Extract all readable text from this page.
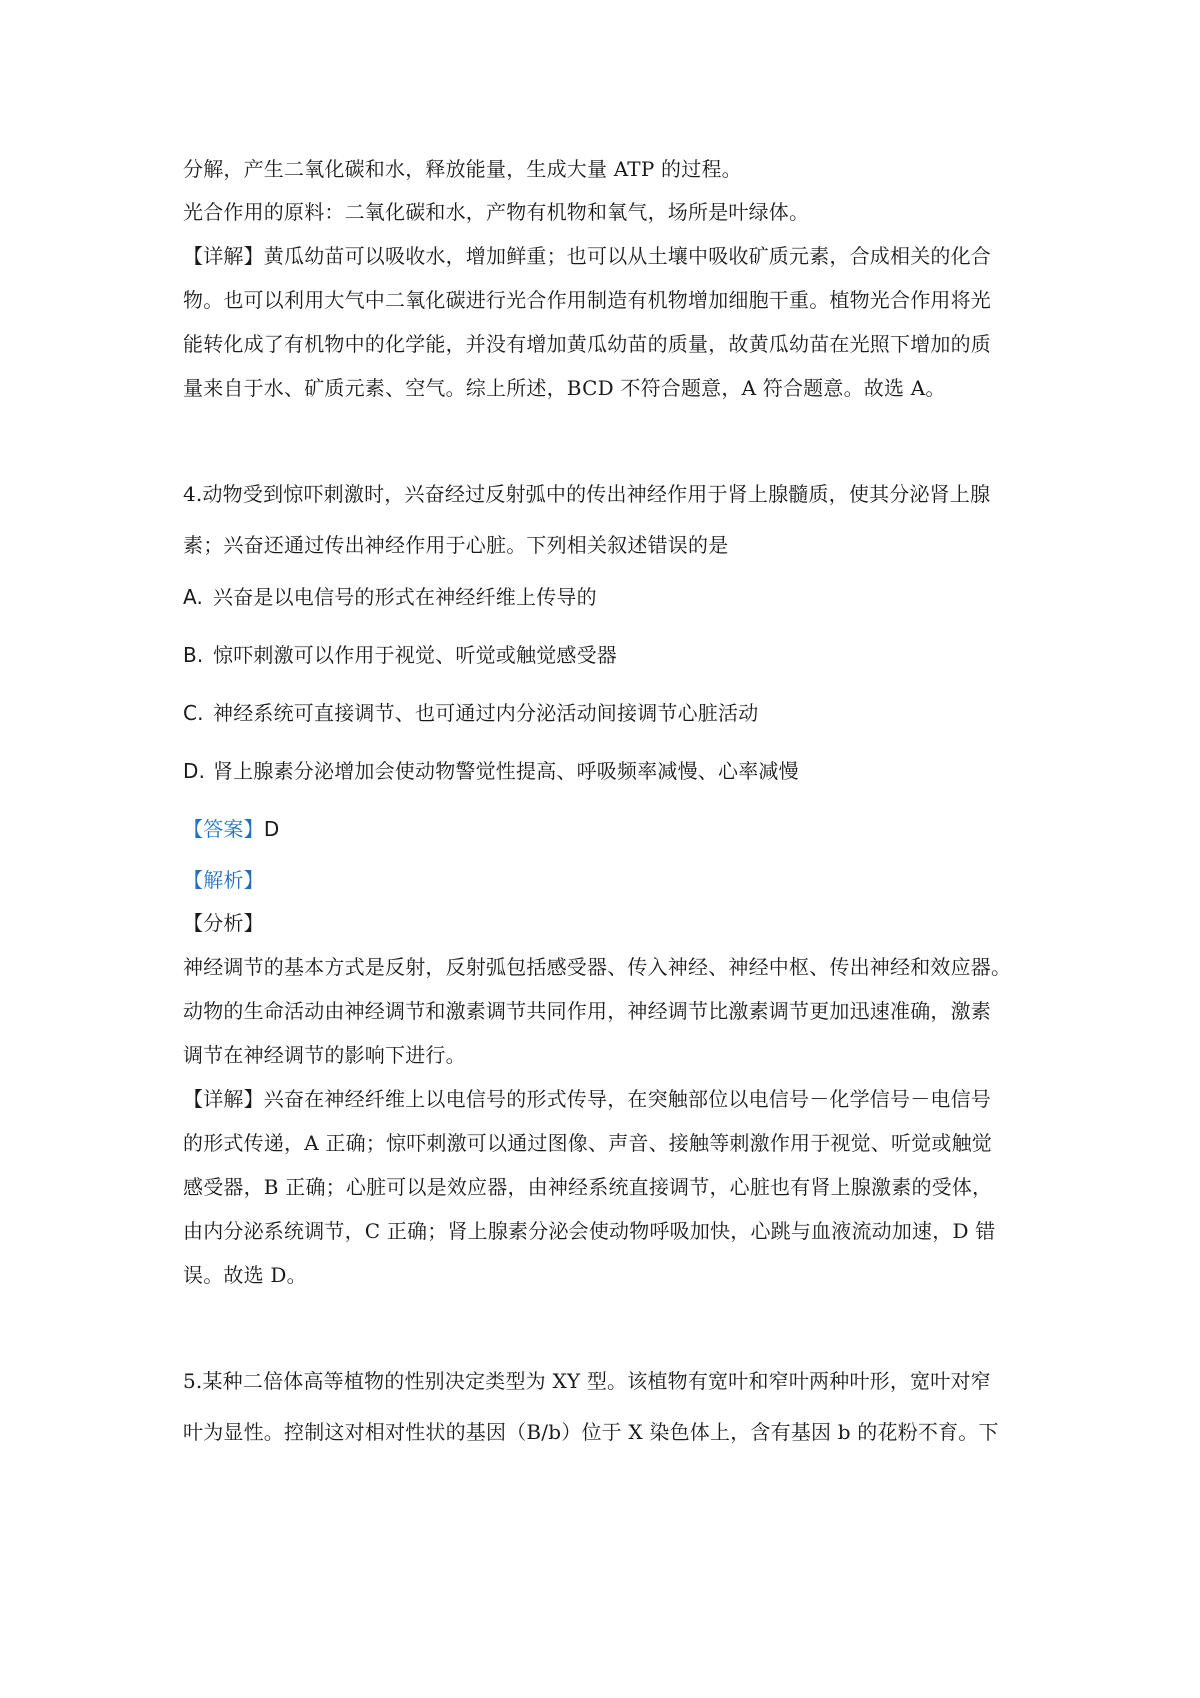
分解，产生二氧化碳和水，释放能量，生成大量 ATP 的过程。
光合作用的原料：二氧化碳和水，产物有机物和氧气，场所是叶绿体。
【详解】黄瓜幼苗可以吸收水，增加鲜重；也可以从土壤中吸收矿质元素，合成相关的化合
物。也可以利用大气中二氧化碳进行光合作用制造有机物增加细胞干重。植物光合作用将光
能转化成了有机物中的化学能，并没有增加黄瓜幼苗的质量，故黄瓜幼苗在光照下增加的质
量来自于水、矿质元素、空气。综上所述，BCD 不符合题意，A 符合题意。故选 A。
4.动物受到惊吓刺激时，兴奋经过反射弧中的传出神经作用于肾上腺髓质，使其分泌肾上腺
素；兴奋还通过传出神经作用于心脏。下列相关叙述错误的是
A. 兴奋是以电信号的形式在神经纤维上传导的
B. 惊吓刺激可以作用于视觉、听觉或触觉感受器
C. 神经系统可直接调节、也可通过内分泌活动间接调节心脏活动
D. 肾上腺素分泌增加会使动物警觉性提高、呼吸频率减慢、心率减慢
【答案】D
【解析】
【分析】
神经调节的基本方式是反射，反射弧包括感受器、传入神经、神经中枢、传出神经和效应器。
动物的生命活动由神经调节和激素调节共同作用，神经调节比激素调节更加迅速准确，激素
调节在神经调节的影响下进行。
【详解】兴奋在神经纤维上以电信号的形式传导，在突触部位以电信号－化学信号－电信号
的形式传递，A 正确；惊吓刺激可以通过图像、声音、接触等刺激作用于视觉、听觉或触觉
感受器，B 正确；心脏可以是效应器，由神经系统直接调节，心脏也有肾上腺激素的受体，
由内分泌系统调节，C 正确；肾上腺素分泌会使动物呼吸加快，心跳与血液流动加速，D 错
误。故选 D。
5.某种二倍体高等植物的性别决定类型为 XY 型。该植物有宽叶和窄叶两种叶形，宽叶对窄
叶为显性。控制这对相对性状的基因（B/b）位于 X 染色体上，含有基因 b 的花粉不育。下
